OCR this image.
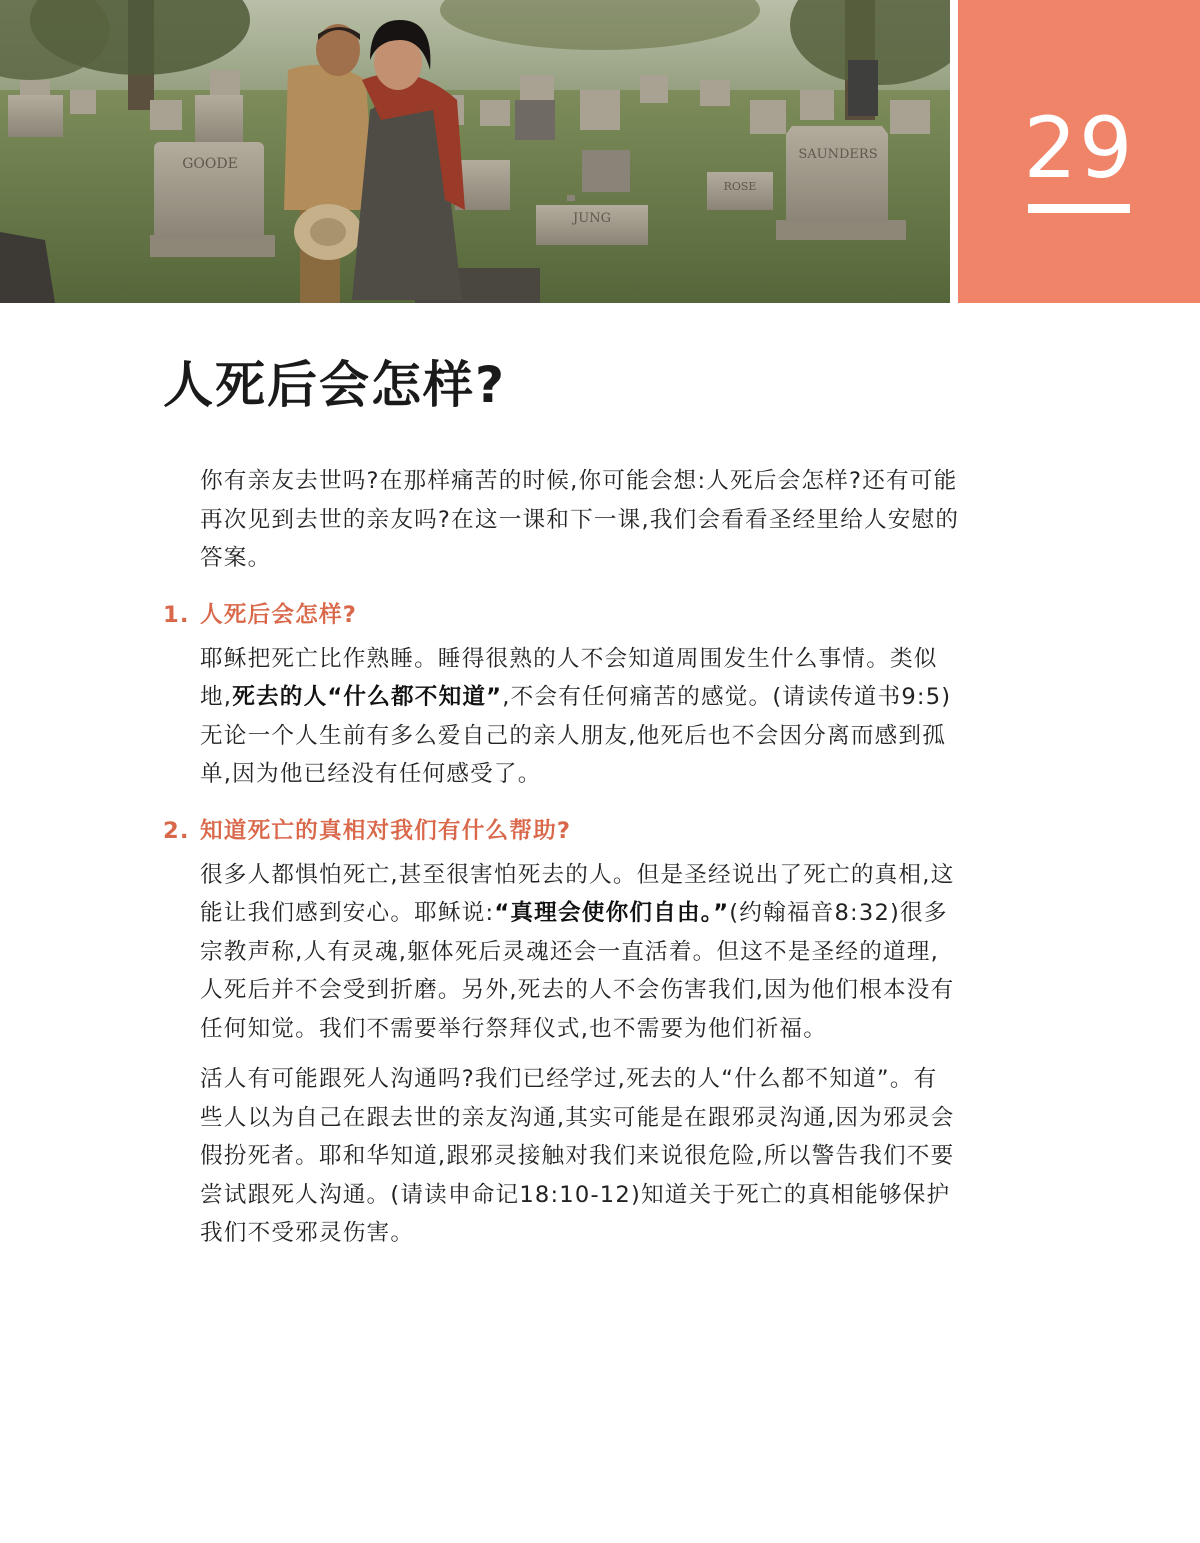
GOODE
SAUNDERS
JUNG
ROSE	29
人死后会怎样?

你有亲友去世吗?在那样痛苦的时候,你可能会想:人死后会怎样?还有可能再次见到去世的亲友吗?在这一课和下一课,我们会看看圣经里给人安慰的答案。

1. 人死后会怎样?

耶稣把死亡比作熟睡。睡得很熟的人不会知道周围发生什么事情。类似地,死去的人“什么都不知道”,不会有任何痛苦的感觉。(请读传道书9:5)无论一个人生前有多么爱自己的亲人朋友,他死后也不会因分离而感到孤单,因为他已经没有任何感受了。

2. 知道死亡的真相对我们有什么帮助?

很多人都惧怕死亡,甚至很害怕死去的人。但是圣经说出了死亡的真相,这能让我们感到安心。耶稣说:“真理会使你们自由。”(约翰福音8:32)很多宗教声称,人有灵魂,躯体死后灵魂还会一直活着。但这不是圣经的道理,人死后并不会受到折磨。另外,死去的人不会伤害我们,因为他们根本没有任何知觉。我们不需要举行祭拜仪式,也不需要为他们祈福。

活人有可能跟死人沟通吗?我们已经学过,死去的人“什么都不知道”。有些人以为自己在跟去世的亲友沟通,其实可能是在跟邪灵沟通,因为邪灵会假扮死者。耶和华知道,跟邪灵接触对我们来说很危险,所以警告我们不要尝试跟死人沟通。(请读申命记18:10-12)知道关于死亡的真相能够保护我们不受邪灵伤害。
